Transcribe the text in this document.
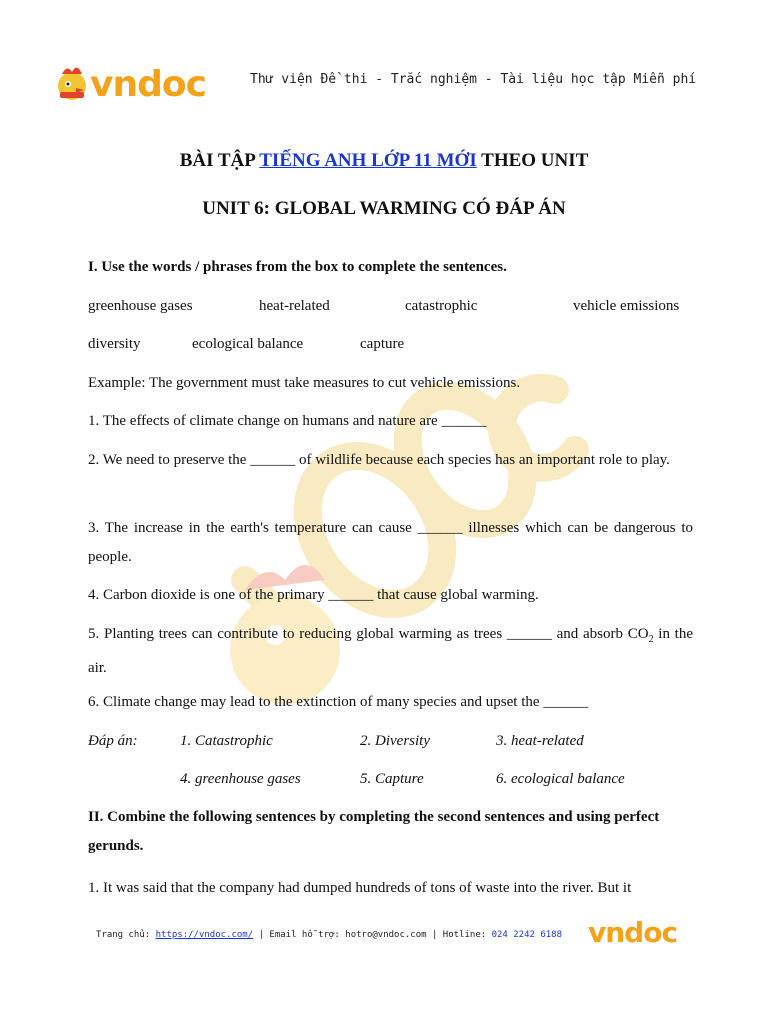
vndoc	Thư viện Đề thi - Trắc nghiệm - Tài liệu học tập Miễn phí
BÀI TẬP TIẾNG ANH LỚP 11 MỚI THEO UNIT
UNIT 6: GLOBAL WARMING CÓ ĐÁP ÁN
I. Use the words / phrases from the box to complete the sentences.
greenhouse gases	heat-related	catastrophic	vehicle emissions
diversity	ecological balance	capture
Example: The government must take measures to cut vehicle emissions.
1. The effects of climate change on humans and nature are ______
2. We need to preserve the ______ of wildlife because each species has an important role to play.
3. The increase in the earth's temperature can cause ______ illnesses which can be dangerous to people.
4. Carbon dioxide is one of the primary ______ that cause global warming.
5. Planting trees can contribute to reducing global warming as trees ______ and absorb $CO_2$ in the air.
6. Climate change may lead to the extinction of many species and upset the ______
Đáp án:	1. Catastrophic	2. Diversity	3. heat-related
4. greenhouse gases	5. Capture	6. ecological balance
II. Combine the following sentences by completing the second sentences and using perfect gerunds.
1. It was said that the company had dumped hundreds of tons of waste into the river. But it
Trang chủ: https://vndoc.com/ | Email hỗ trợ: hotro@vndoc.com | Hotline: 024 2242 6188 vndoc
